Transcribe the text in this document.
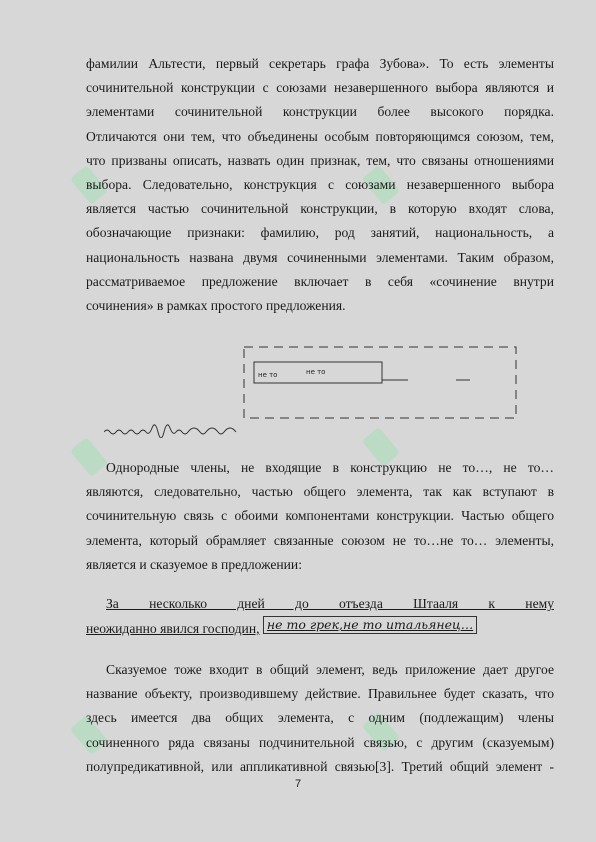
фамилии Альтести, первый секретарь графа Зубова». То есть элементы
сочинительной конструкции с союзами незавершенного выбора являются и
элементами сочинительной конструкции более высокого порядка.
Отличаются они тем, что объединены особым повторяющимся союзом, тем,
что призваны описать, назвать один признак, тем, что связаны отношениями
выбора. Следовательно, конструкция с союзами незавершенного выбора
является частью сочинительной конструкции, в которую входят слова,
обозначающие признаки: фамилию, род занятий, национальность, а
национальность названа двумя сочиненными элементами. Таким образом,
рассматриваемое предложение включает в себя «сочинение внутри
сочинения» в рамках простого предложения.
не то	не то
Однородные члены, не входящие в конструкцию не то…, не то…
являются, следовательно, частью общего элемента, так как вступают в
сочинительную связь с обоими компонентами конструкции. Частью общего
элемента, который обрамляет связанные союзом не то…не то… элементы,
является и сказуемое в предложении:
За несколько дней до отъезда Штааля к нему
неожиданно явился господин, не то грек,не то итальянец…
Сказуемое тоже входит в общий элемент, ведь приложение дает другое
название объекту, производившему действие. Правильнее будет сказать, что
здесь имеется два общих элемента, с одним (подлежащим) члены
сочиненного ряда связаны подчинительной связью, с другим (сказуемым)
полупредикативной, или аппликативной связью[3]. Третий общий элемент -
7
